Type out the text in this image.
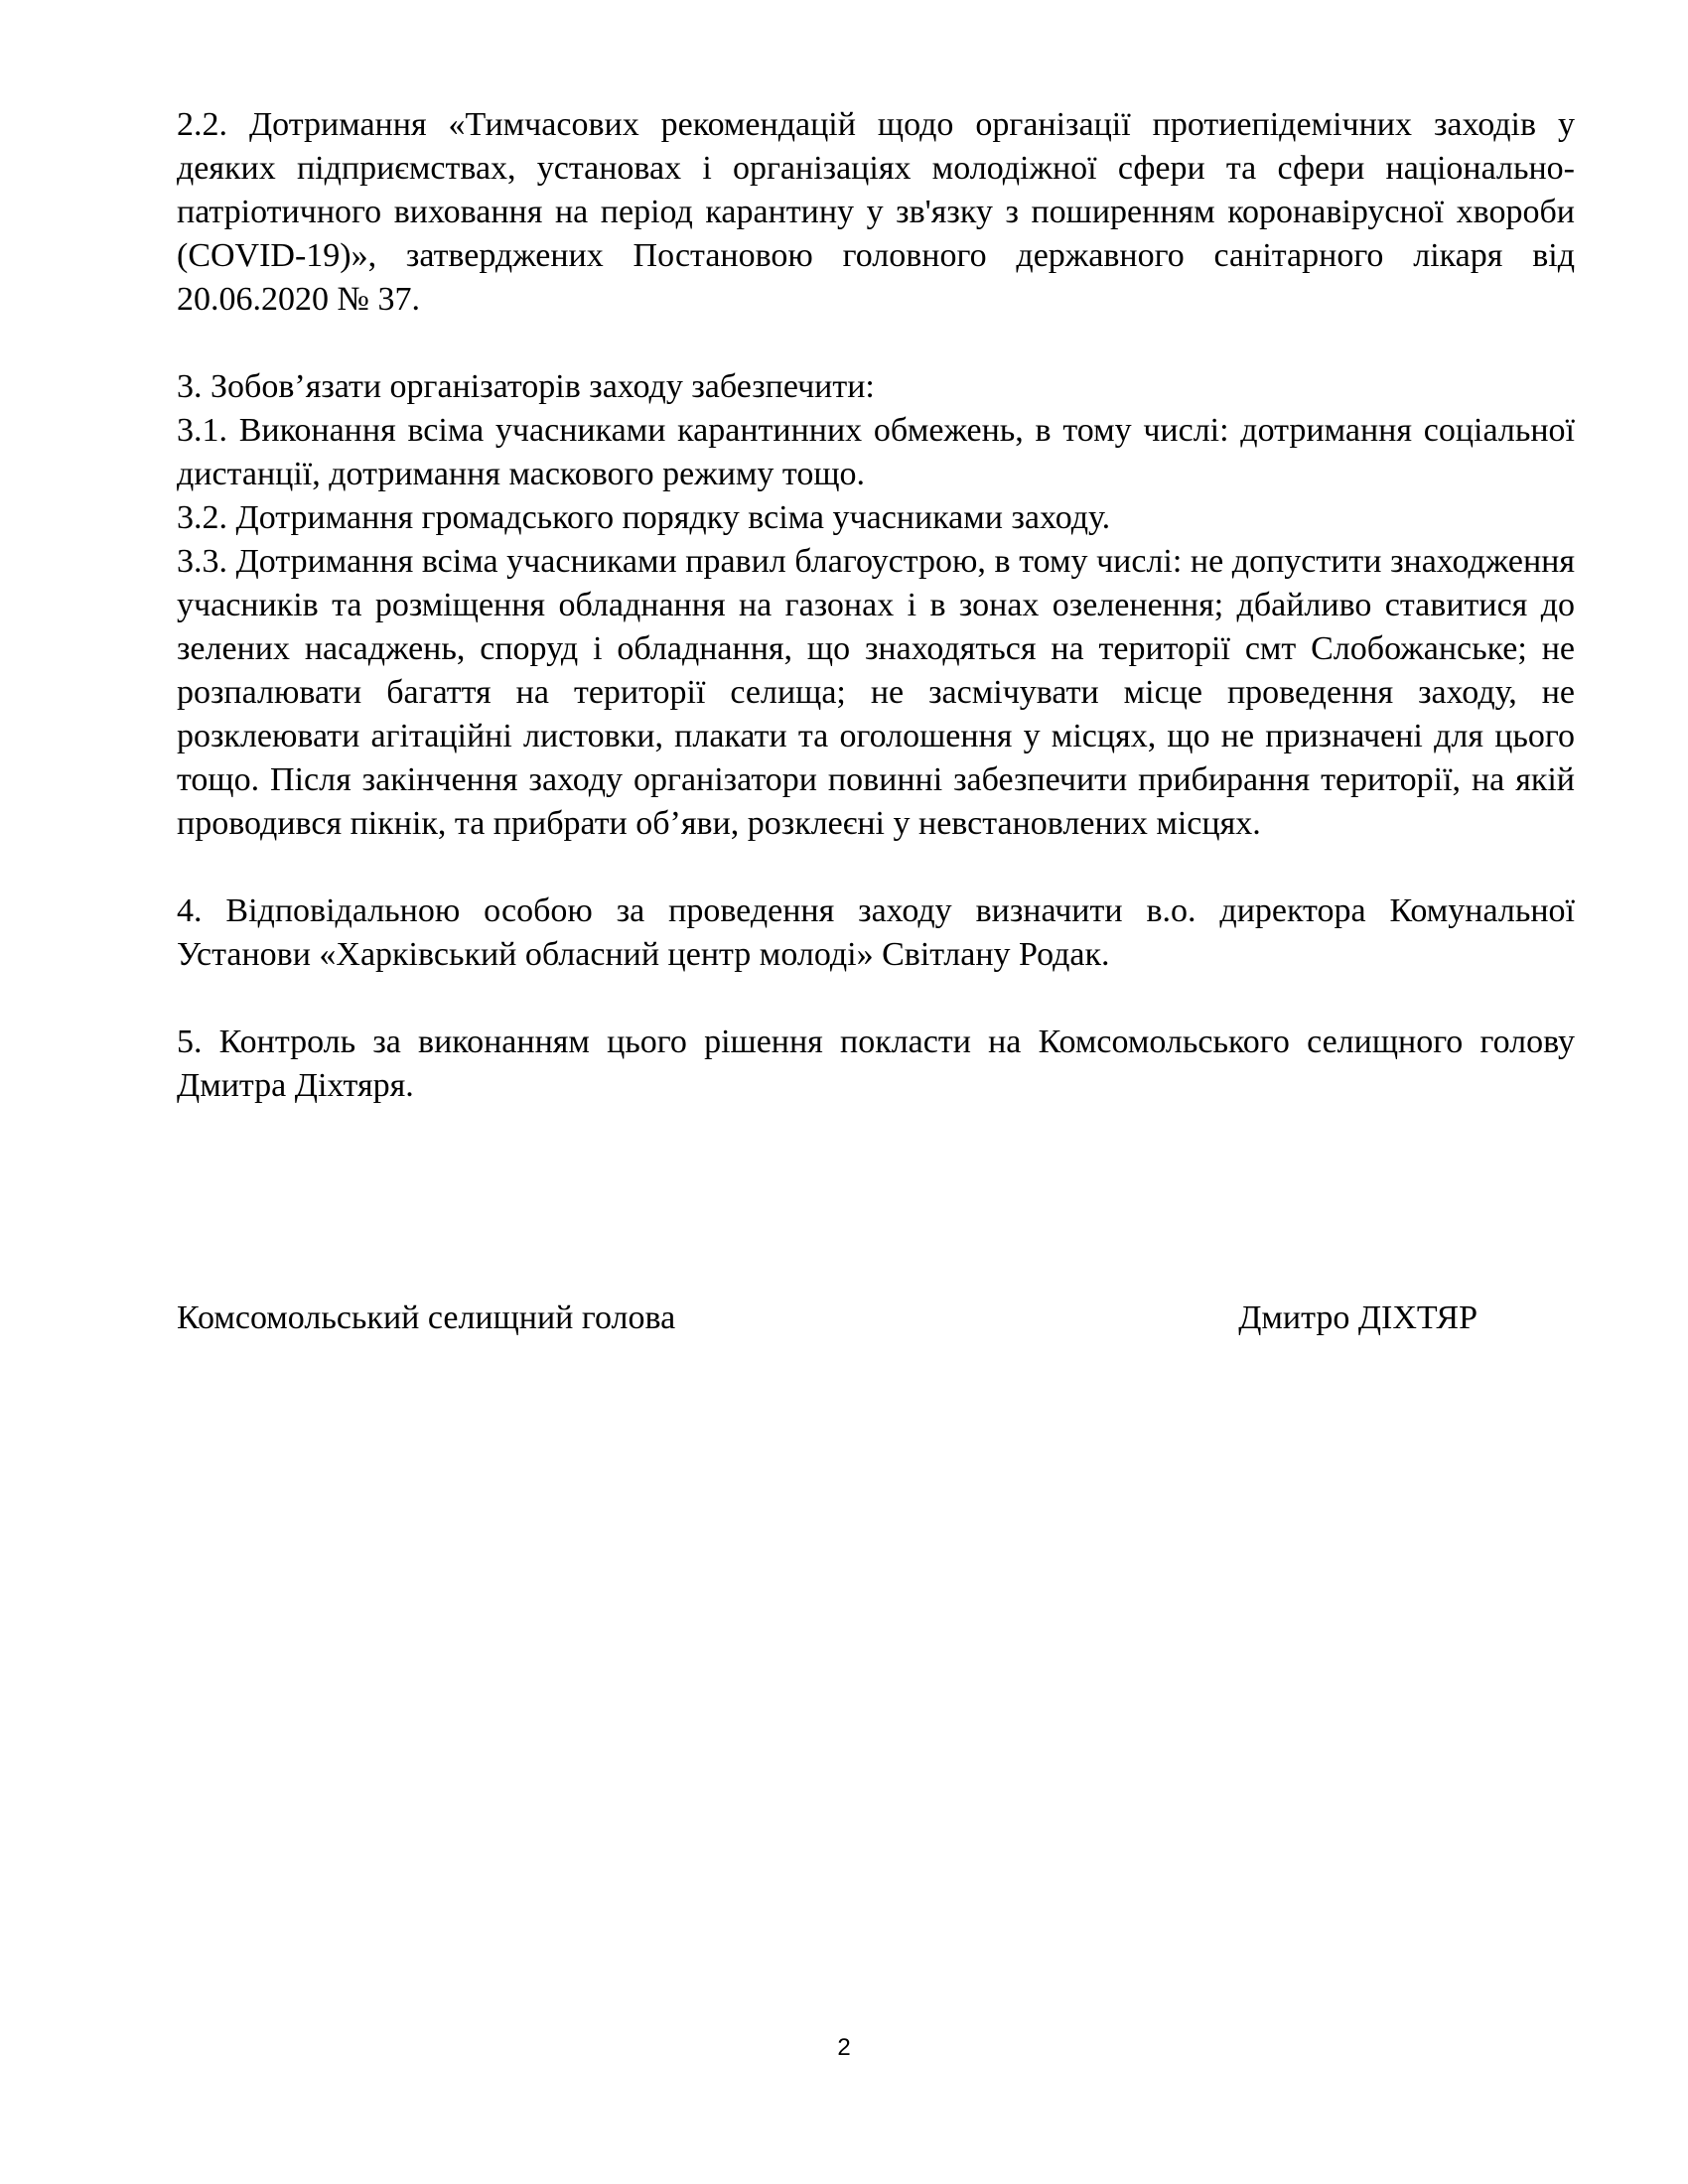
2.2. Дотримання «Тимчасових рекомендацій щодо організації протиепідемічних заходів у деяких підприємствах, установах і організаціях молодіжної сфери та сфери національно-патріотичного виховання на період карантину у зв'язку з поширенням коронавірусної хвороби (COVID-19)», затверджених Постановою головного державного санітарного лікаря від 20.06.2020 № 37.

3. Зобов’язати організаторів заходу забезпечити:

3.1. Виконання всіма учасниками карантинних обмежень, в тому числі: дотримання соціальної дистанції, дотримання маскового режиму тощо.

3.2. Дотримання громадського порядку всіма учасниками заходу.

3.3. Дотримання всіма учасниками правил благоустрою, в тому числі: не допустити знаходження учасників та розміщення обладнання на газонах і в зонах озеленення; дбайливо ставитися до зелених насаджень, споруд і обладнання, що знаходяться на території смт Слобожанське; не розпалювати багаття на території селища; не засмічувати місце проведення заходу, не розклеювати агітаційні листовки, плакати та оголошення у місцях, що не призначені для цього тощо. Після закінчення заходу організатори повинні забезпечити прибирання території, на якій проводився пікнік, та прибрати об’яви, розклеєні у невстановлених місцях.

4. Відповідальною особою за проведення заходу визначити в.о. директора Комунальної Установи «Харківський обласний центр молоді» Світлану Родак.

5. Контроль за виконанням цього рішення покласти на Комсомольського селищного голову Дмитра Діхтяря.

Комсомольський селищний голова	Дмитро ДІХТЯР
2
